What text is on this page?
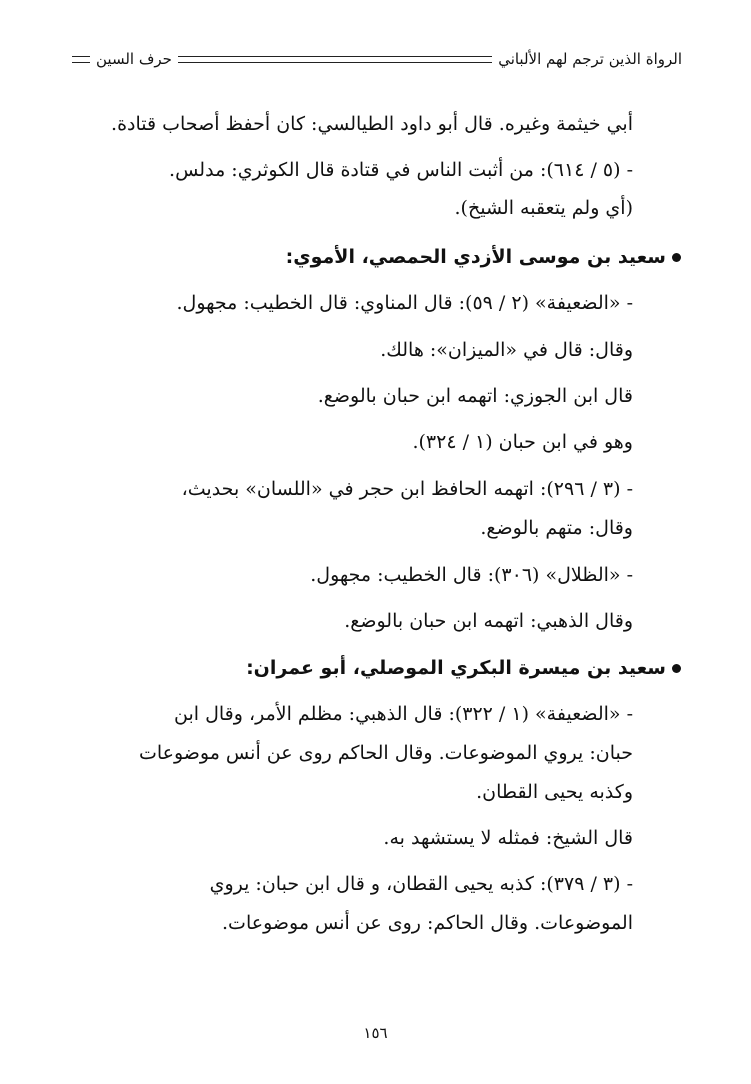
الرواة الذين ترجم لهم الألباني
حرف السين
أبي خيثمة وغيره. قال أبو داود الطيالسي: كان أحفظ أصحاب قتادة.
- (٥ / ٦١٤): من أثبت الناس في قتادة قال الكوثري: مدلس.
(أي ولم يتعقبه الشيخ).
سعيد بن موسى الأزدي الحمصي، الأموي:
- «الضعيفة» (٢ / ٥٩): قال المناوي: قال الخطيب: مجهول.
وقال: قال في «الميزان»: هالك.
قال ابن الجوزي: اتهمه ابن حبان بالوضع.
وهو في ابن حبان (١ / ٣٢٤).
- (٣ / ٢٩٦): اتهمه الحافظ ابن حجر في «اللسان» بحديث،
وقال: متهم بالوضع.
- «الظلال» (٣٠٦): قال الخطيب: مجهول.
وقال الذهبي: اتهمه ابن حبان بالوضع.
سعيد بن ميسرة البكري الموصلي، أبو عمران:
- «الضعيفة» (١ / ٣٢٢): قال الذهبي: مظلم الأمر، وقال ابن
حبان: يروي الموضوعات. وقال الحاكم روى عن أنس موضوعات
وكذبه يحيى القطان.
قال الشيخ: فمثله لا يستشهد به.
- (٣ / ٣٧٩): كذبه يحيى القطان، و قال ابن حبان: يروي
الموضوعات. وقال الحاكم: روى عن أنس موضوعات.
١٥٦
